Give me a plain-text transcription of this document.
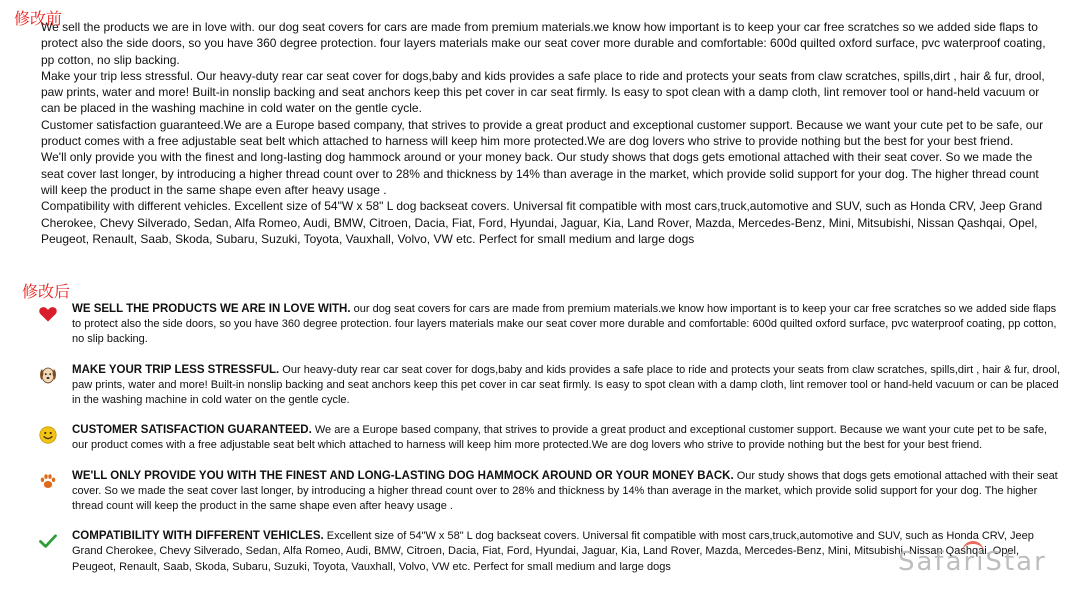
修改前

We sell the products we are in love with. our dog seat covers for cars are made from premium materials.we know how important is to keep your car free scratches so we added side flaps to protect also the side doors, so you have 360 degree protection. four layers materials make our seat cover more durable and comfortable: 600d quilted oxford surface, pvc waterproof coating, pp cotton, no slip backing.

Make your trip less stressful. Our heavy-duty rear car seat cover for dogs,baby and kids provides a safe place to ride and protects your seats from claw scratches, spills,dirt , hair & fur, drool, paw prints, water and more! Built-in nonslip backing and seat anchors keep this pet cover in car seat firmly. Is easy to spot clean with a damp cloth, lint remover tool or hand-held vacuum or can be placed in the washing machine in cold water on the gentle cycle.

Customer satisfaction guaranteed.We are a Europe based company, that strives to provide a great product and exceptional customer support. Because we want your cute pet to be safe, our product comes with a free adjustable seat belt which attached to harness will keep him more protected.We are dog lovers who strive to provide nothing but the best for your best friend.

We'll only provide you with the finest and long-lasting dog hammock around or your money back. Our study shows that dogs gets emotional attached with their seat cover. So we made the seat cover last longer, by introducing a higher thread count over to 28% and thickness by 14% than average in the market, which provide solid support for your dog. The higher thread count will keep the product in the same shape even after heavy usage .

Compatibility with different vehicles. Excellent size of 54"W x 58" L dog backseat covers. Universal fit compatible with most cars,truck,automotive and SUV, such as Honda CRV, Jeep Grand Cherokee, Chevy Silverado, Sedan, Alfa Romeo, Audi, BMW, Citroen, Dacia, Fiat, Ford, Hyundai, Jaguar, Kia, Land Rover, Mazda, Mercedes-Benz, Mini, Mitsubishi, Nissan Qashqai, Opel, Peugeot, Renault, Saab, Skoda, Subaru, Suzuki, Toyota, Vauxhall, Volvo, VW etc. Perfect for small medium and large dogs

修改后
WE SELL THE PRODUCTS WE ARE IN LOVE WITH. our dog seat covers for cars are made from premium materials.we know how important is to keep your car free scratches so we added side flaps to protect also the side doors, so you have 360 degree protection. four layers materials make our seat cover more durable and comfortable: 600d quilted oxford surface, pvc waterproof coating, pp cotton, no slip backing.
MAKE YOUR TRIP LESS STRESSFUL. Our heavy-duty rear car seat cover for dogs,baby and kids provides a safe place to ride and protects your seats from claw scratches, spills,dirt , hair & fur, drool, paw prints, water and more! Built-in nonslip backing and seat anchors keep this pet cover in car seat firmly. Is easy to spot clean with a damp cloth, lint remover tool or hand-held vacuum or can be placed in the washing machine in cold water on the gentle cycle.
CUSTOMER SATISFACTION GUARANTEED. We are a Europe based company, that strives to provide a great product and exceptional customer support. Because we want your cute pet to be safe, our product comes with a free adjustable seat belt which attached to harness will keep him more protected.We are dog lovers who strive to provide nothing but the best for your best friend.
WE'LL ONLY PROVIDE YOU WITH THE FINEST AND LONG-LASTING DOG HAMMOCK AROUND OR YOUR MONEY BACK. Our study shows that dogs gets emotional attached with their seat cover. So we made the seat cover last longer, by introducing a higher thread count over to 28% and thickness by 14% than average in the market, which provide solid support for your dog. The higher thread count will keep the product in the same shape even after heavy usage .
COMPATIBILITY WITH DIFFERENT VEHICLES. Excellent size of 54"W x 58" L dog backseat covers. Universal fit compatible with most cars,truck,automotive and SUV, such as Honda CRV, Jeep Grand Cherokee, Chevy Silverado, Sedan, Alfa Romeo, Audi, BMW, Citroen, Dacia, Fiat, Ford, Hyundai, Jaguar, Kia, Land Rover, Mazda, Mercedes-Benz, Mini, Mitsubishi, Nissan Qashqai, Opel, Peugeot, Renault, Saab, Skoda, Subaru, Suzuki, Toyota, Vauxhall, Volvo, VW etc. Perfect for small medium and large dogs	SafariStar
